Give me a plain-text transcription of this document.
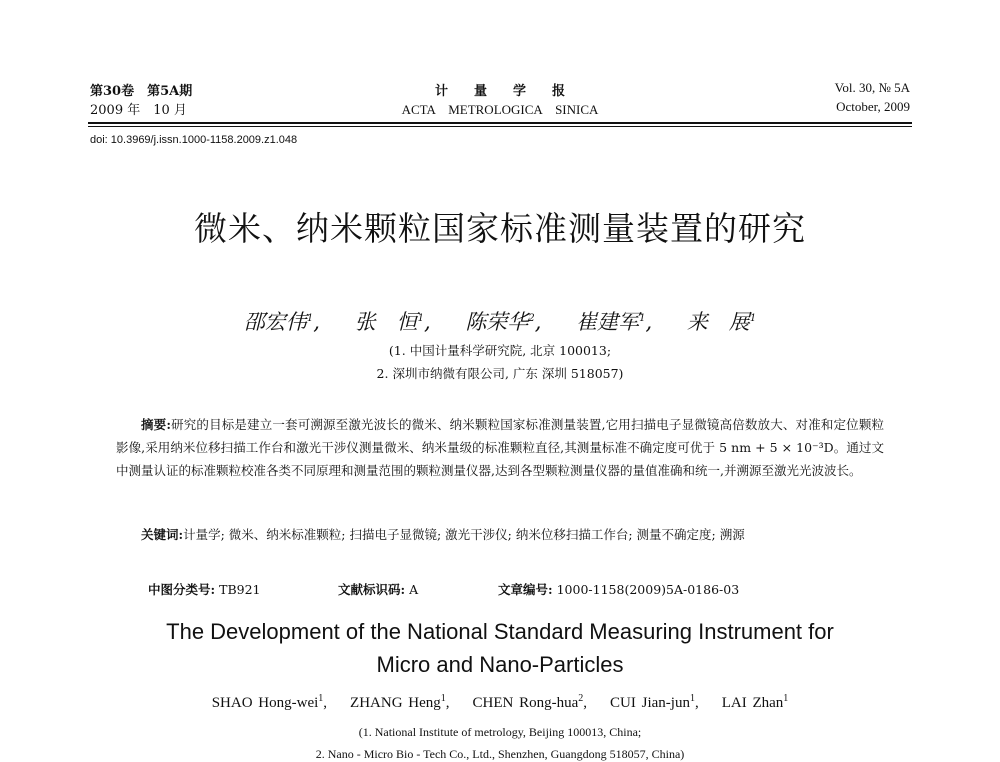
第30卷　第5A期
2009 年　10 月
计　　量　　学　　报
ACTA　METROLOGICA　SINICA
Vol. 30, № 5A
October, 2009
doi: 10.3969/j.issn.1000-1158.2009.z1.048
微米、纳米颗粒国家标准测量装置的研究
邵宏伟$^1$, 张　恒$^1$, 陈荣华$^2$, 崔建军$^1$, 来　展$^1$
(1. 中国计量科学研究院, 北京 100013;
2. 深圳市纳微有限公司, 广东 深圳 518057)
摘要:研究的目标是建立一套可溯源至激光波长的微米、纳米颗粒国家标准测量装置,它用扫描电子显微镜高倍数放大、对准和定位颗粒影像,采用纳米位移扫描工作台和激光干涉仪测量微米、纳米量级的标准颗粒直径,其测量标准不确定度可优于 5 nm + 5 × 10⁻³D。通过文中测量认证的标准颗粒校准各类不同原理和测量范围的颗粒测量仪器,达到各型颗粒测量仪器的量值准确和统一,并溯源至激光光波波长。
关键词:计量学; 微米、纳米标准颗粒; 扫描电子显微镜; 激光干涉仪; 纳米位移扫描工作台; 测量不确定度; 溯源
中图分类号: TB921	文献标识码: A	文章编号: 1000-1158(2009)5A-0186-03
The Development of the National Standard Measuring Instrument for
Micro and Nano-Particles
SHAO Hong-wei$^1$,    ZHANG Heng$^1$,    CHEN Rong-hua$^2$,    CUI Jian-jun$^1$,    LAI Zhan$^1$
(1. National Institute of metrology, Beijing 100013, China;
2. Nano - Micro Bio - Tech Co., Ltd., Shenzhen, Guangdong 518057, China)
